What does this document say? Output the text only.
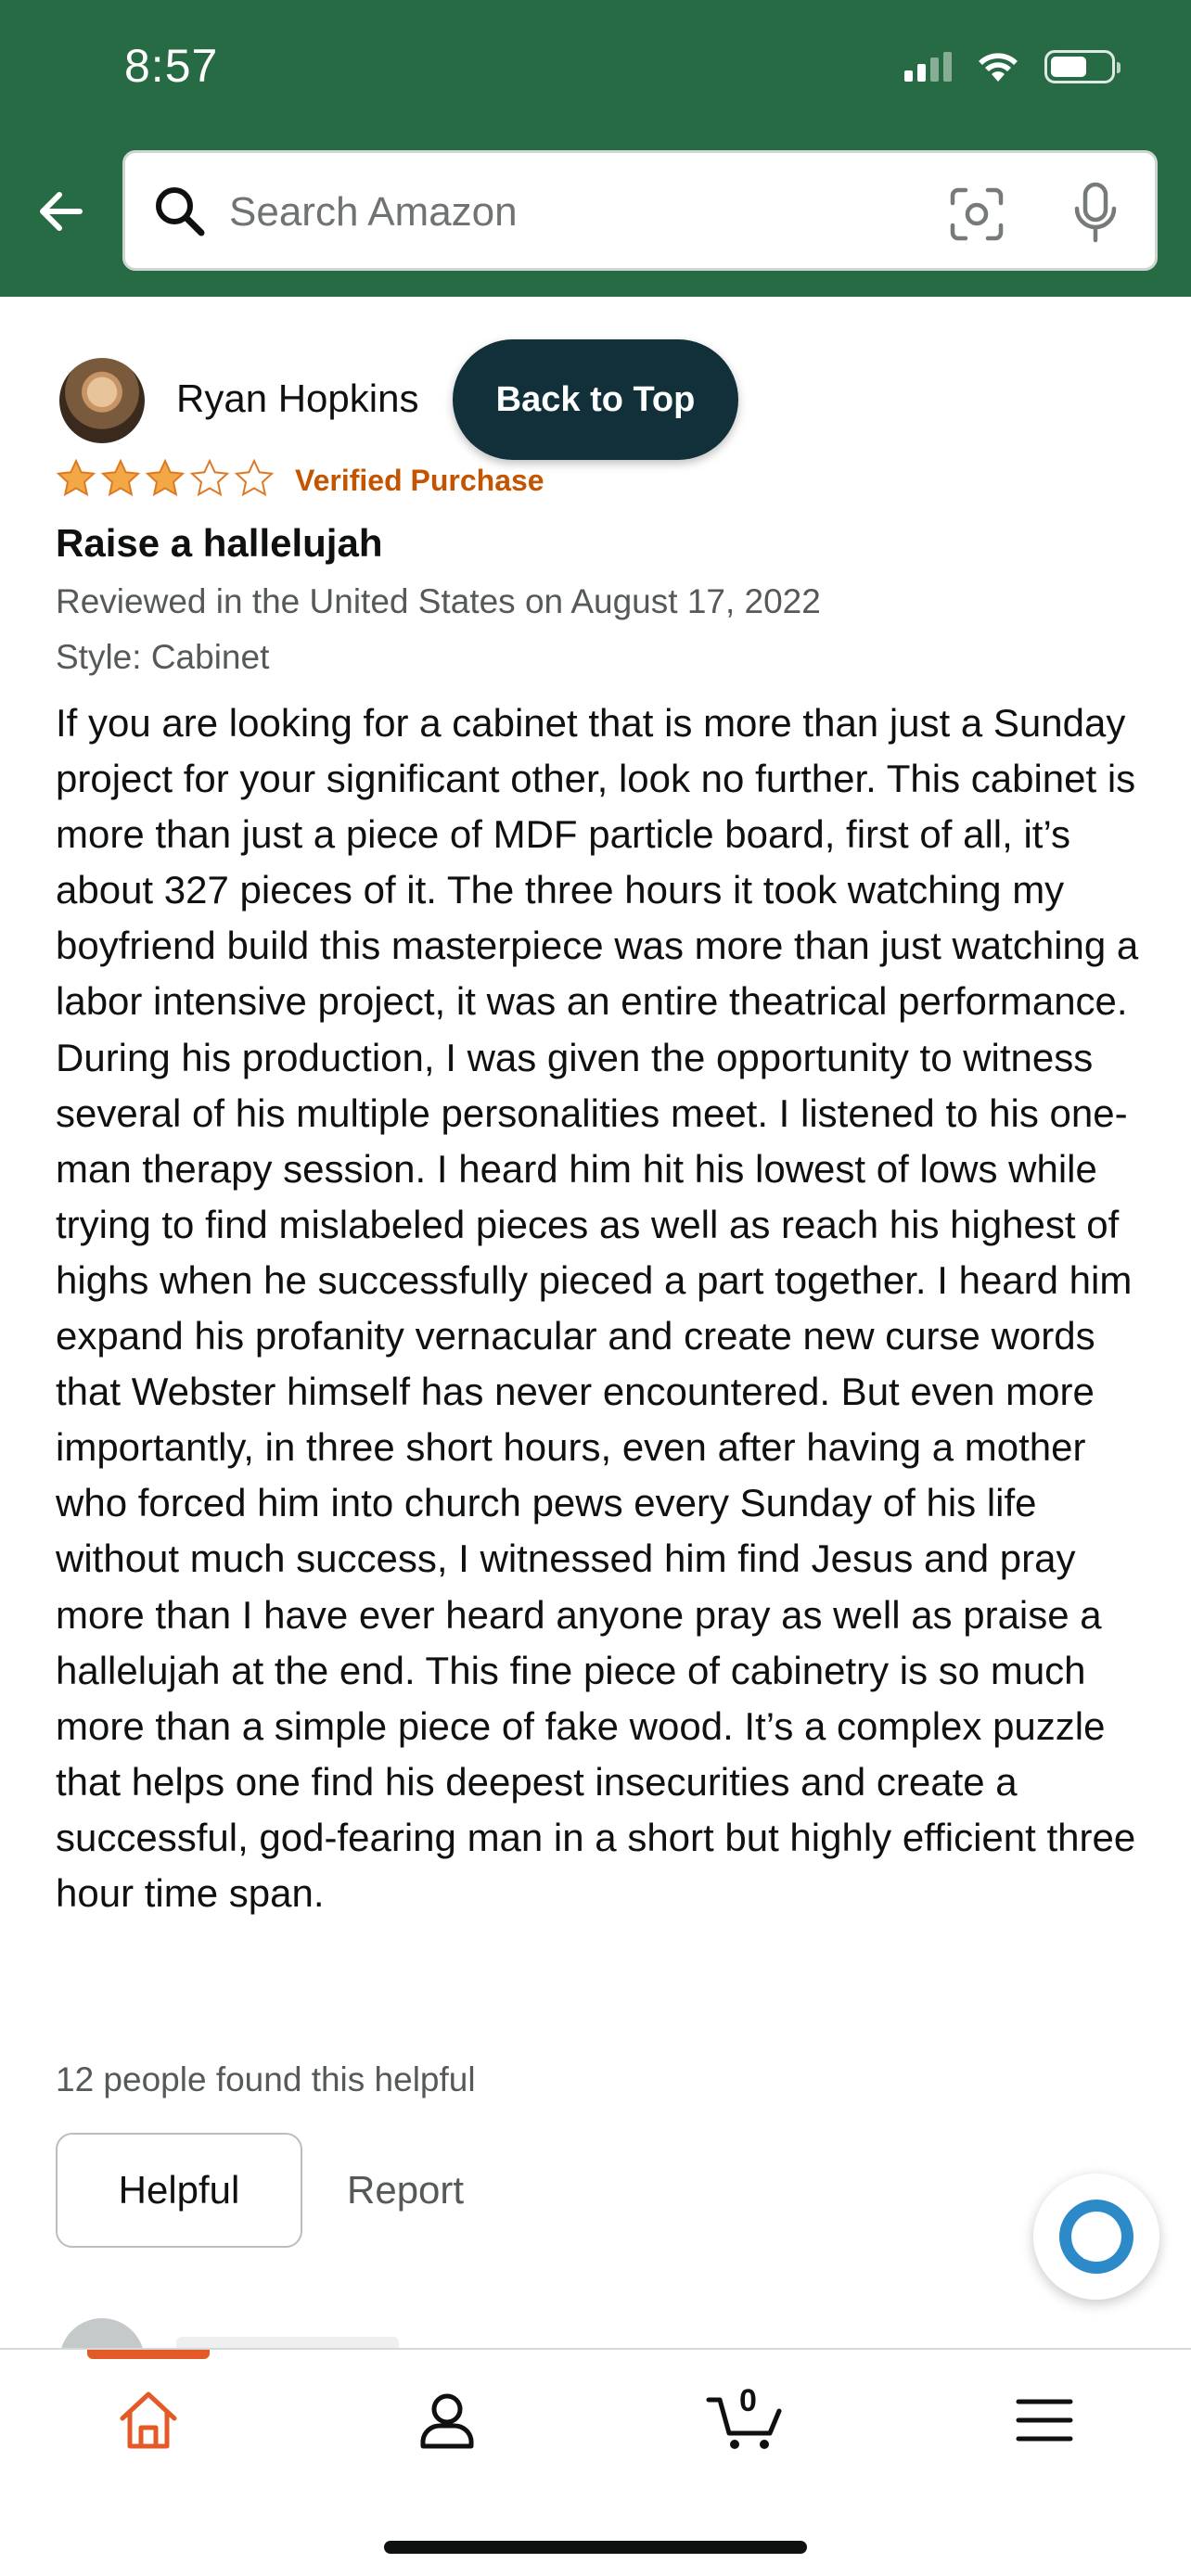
8:57
Search Amazon
Ryan Hopkins	Back to Top
Verified Purchase
Raise a hallelujah
Reviewed in the United States on August 17, 2022
Style: Cabinet
If you are looking for a cabinet that is more than just a Sunday project for your significant other, look no further. This cabinet is more than just a piece of MDF particle board, first of all, it’s about 327 pieces of it. The three hours it took watching my boyfriend build this masterpiece was more than just watching a labor intensive project, it was an entire theatrical performance. During his production, I was given the opportunity to witness several of his multiple personalities meet. I listened to his one-man therapy session. I heard him hit his lowest of lows while trying to find mislabeled pieces as well as reach his highest of highs when he successfully pieced a part together. I heard him expand his profanity vernacular and create new curse words that Webster himself has never encountered. But even more importantly, in three short hours, even after having a mother who forced him into church pews every Sunday of his life without much success, I witnessed him find Jesus and pray more than I have ever heard anyone pray as well as praise a hallelujah at the end. This fine piece of cabinetry is so much more than a simple piece of fake wood. It’s a complex puzzle that helps one find his deepest insecurities and create a successful, god-fearing man in a short but highly efficient three hour time span.
12 people found this helpful
Helpful	Report
0
